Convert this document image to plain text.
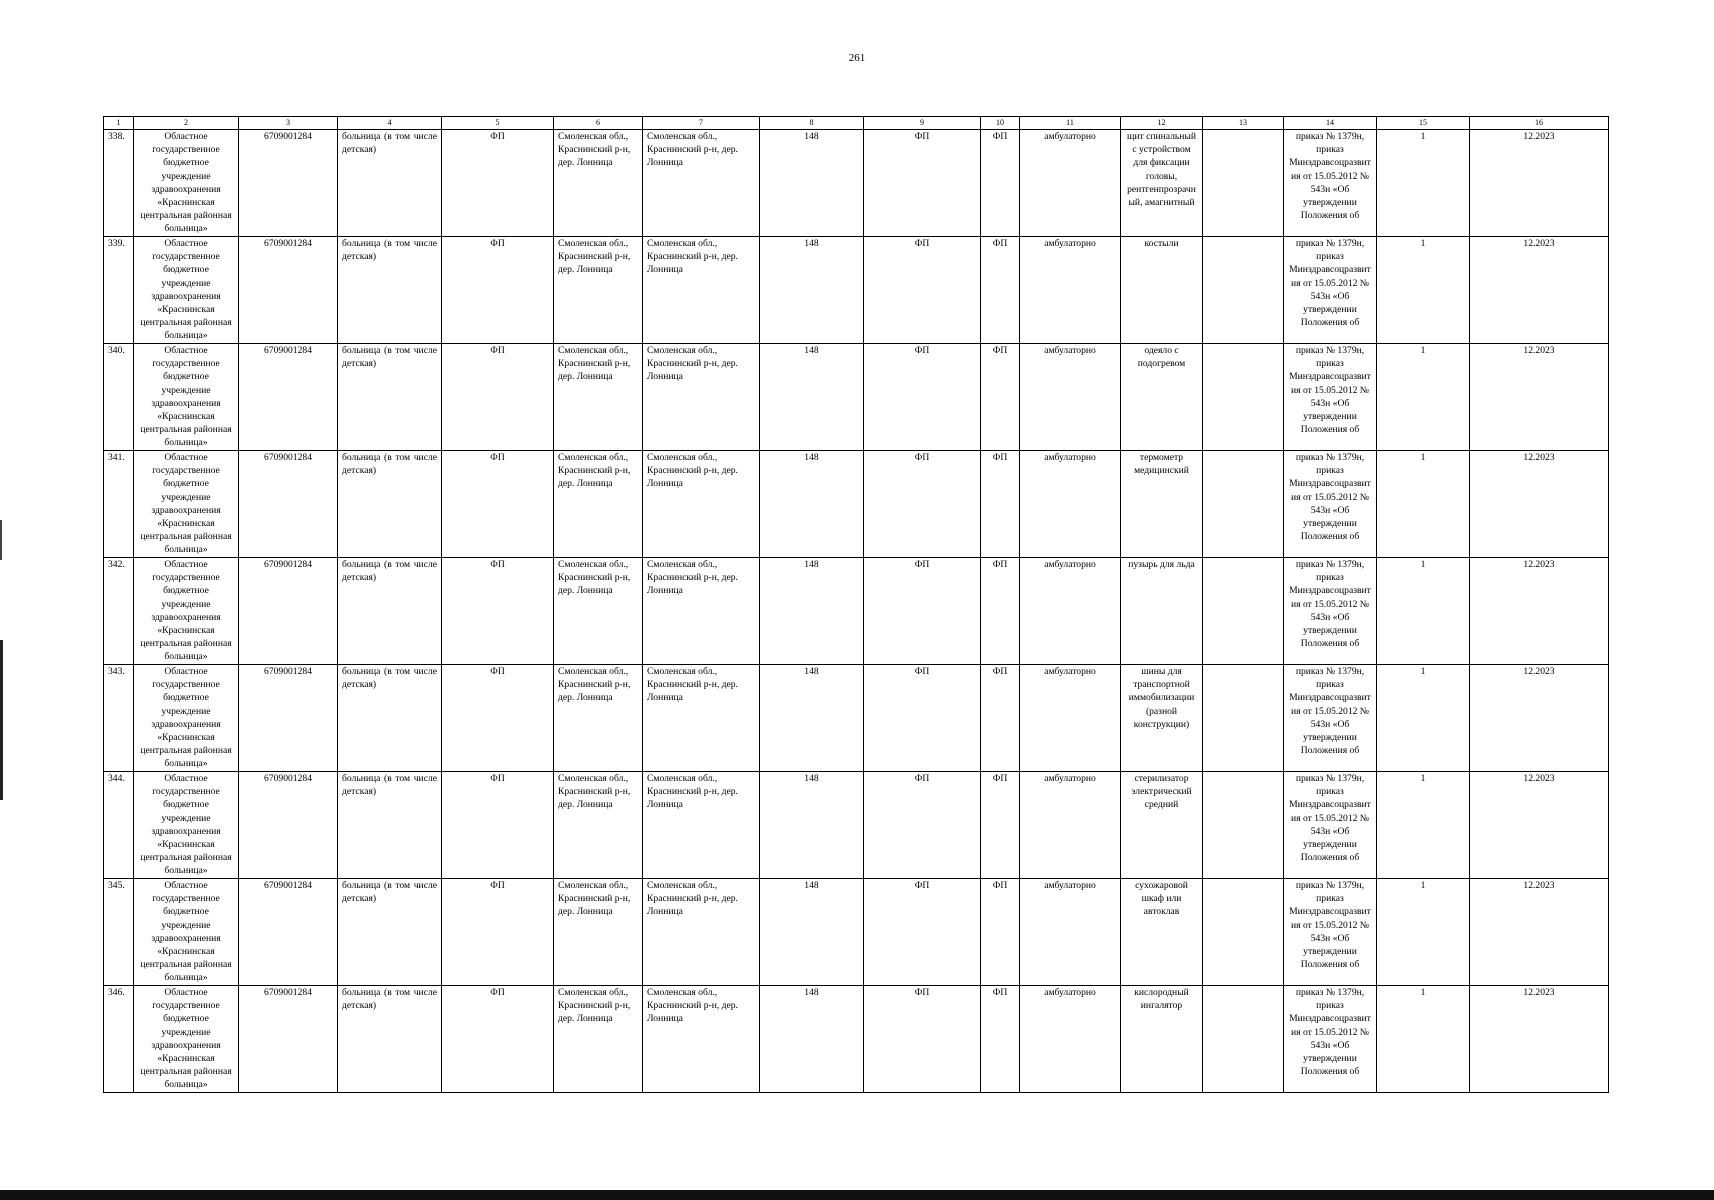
261
1	2	3	4	5	6	7	8	9	10	11	12	13	14	15	16

338.	Областное государственное бюджетное учреждение здравоохранения «Краснинская центральная районная больница»	6709001284	больница (в том числе детская)	ФП	Смоленская обл., Краснинский р-н, дер. Лонница	Смоленская обл., Краснинский р-н, дер. Лонница	148	ФП	ФП	амбулаторно	щит спинальный с устройством для фиксации головы, рентгенпрозрачный, амагнитный		приказ № 1379н, приказ Минздравсоцразвития от 15.05.2012 № 543н «Об утверждении Положения об	1	12.2023

339.	Областное государственное бюджетное учреждение здравоохранения «Краснинская центральная районная больница»	6709001284	больница (в том числе детская)	ФП	Смоленская обл., Краснинский р-н, дер. Лонница	Смоленская обл., Краснинский р-н, дер. Лонница	148	ФП	ФП	амбулаторно	костыли		приказ № 1379н, приказ Минздравсоцразвития от 15.05.2012 № 543н «Об утверждении Положения об	1	12.2023

340.	Областное государственное бюджетное учреждение здравоохранения «Краснинская центральная районная больница»	6709001284	больница (в том числе детская)	ФП	Смоленская обл., Краснинский р-н, дер. Лонница	Смоленская обл., Краснинский р-н, дер. Лонница	148	ФП	ФП	амбулаторно	одеяло с подогревом		приказ № 1379н, приказ Минздравсоцразвития от 15.05.2012 № 543н «Об утверждении Положения об	1	12.2023

341.	Областное государственное бюджетное учреждение здравоохранения «Краснинская центральная районная больница»	6709001284	больница (в том числе детская)	ФП	Смоленская обл., Краснинский р-н, дер. Лонница	Смоленская обл., Краснинский р-н, дер. Лонница	148	ФП	ФП	амбулаторно	термометр медицинский		приказ № 1379н, приказ Минздравсоцразвития от 15.05.2012 № 543н «Об утверждении Положения об	1	12.2023

342.	Областное государственное бюджетное учреждение здравоохранения «Краснинская центральная районная больница»	6709001284	больница (в том числе детская)	ФП	Смоленская обл., Краснинский р-н, дер. Лонница	Смоленская обл., Краснинский р-н, дер. Лонница	148	ФП	ФП	амбулаторно	пузырь для льда		приказ № 1379н, приказ Минздравсоцразвития от 15.05.2012 № 543н «Об утверждении Положения об	1	12.2023

343.	Областное государственное бюджетное учреждение здравоохранения «Краснинская центральная районная больница»	6709001284	больница (в том числе детская)	ФП	Смоленская обл., Краснинский р-н, дер. Лонница	Смоленская обл., Краснинский р-н, дер. Лонница	148	ФП	ФП	амбулаторно	шины для транспортной иммобилизации (разной конструкции)		приказ № 1379н, приказ Минздравсоцразвития от 15.05.2012 № 543н «Об утверждении Положения об	1	12.2023

344.	Областное государственное бюджетное учреждение здравоохранения «Краснинская центральная районная больница»	6709001284	больница (в том числе детская)	ФП	Смоленская обл., Краснинский р-н, дер. Лонница	Смоленская обл., Краснинский р-н, дер. Лонница	148	ФП	ФП	амбулаторно	стерилизатор электрический средний		приказ № 1379н, приказ Минздравсоцразвития от 15.05.2012 № 543н «Об утверждении Положения об	1	12.2023

345.	Областное государственное бюджетное учреждение здравоохранения «Краснинская центральная районная больница»	6709001284	больница (в том числе детская)	ФП	Смоленская обл., Краснинский р-н, дер. Лонница	Смоленская обл., Краснинский р-н, дер. Лонница	148	ФП	ФП	амбулаторно	сухожаровой шкаф или автоклав		приказ № 1379н, приказ Минздравсоцразвития от 15.05.2012 № 543н «Об утверждении Положения об	1	12.2023

346.	Областное государственное бюджетное учреждение здравоохранения «Краснинская центральная районная больница»	6709001284	больница (в том числе детская)	ФП	Смоленская обл., Краснинский р-н, дер. Лонница	Смоленская обл., Краснинский р-н, дер. Лонница	148	ФП	ФП	амбулаторно	кислородный ингалятор		приказ № 1379н, приказ Минздравсоцразвития от 15.05.2012 № 543н «Об утверждении Положения об	1	12.2023
